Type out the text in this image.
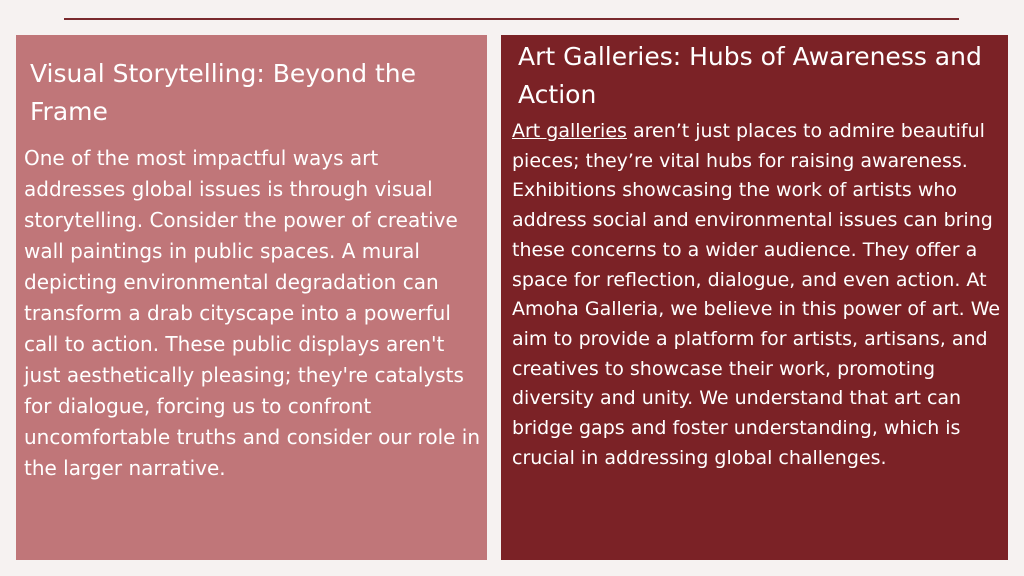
Visual Storytelling: Beyond the Frame

One of the most impactful ways art addresses global issues is through visual storytelling. Consider the power of creative wall paintings in public spaces. A mural depicting environmental degradation can transform a drab cityscape into a powerful call to action. These public displays aren't just aesthetically pleasing; they're catalysts for dialogue, forcing us to confront uncomfortable truths and consider our role in the larger narrative.

Art Galleries: Hubs of Awareness and Action

Art galleries aren’t just places to admire beautiful pieces; they’re vital hubs for raising awareness. Exhibitions showcasing the work of artists who address social and environmental issues can bring these concerns to a wider audience. They offer a space for reflection, dialogue, and even action. At Amoha Galleria, we believe in this power of art. We aim to provide a platform for artists, artisans, and creatives to showcase their work, promoting diversity and unity. We understand that art can bridge gaps and foster understanding, which is crucial in addressing global challenges.
